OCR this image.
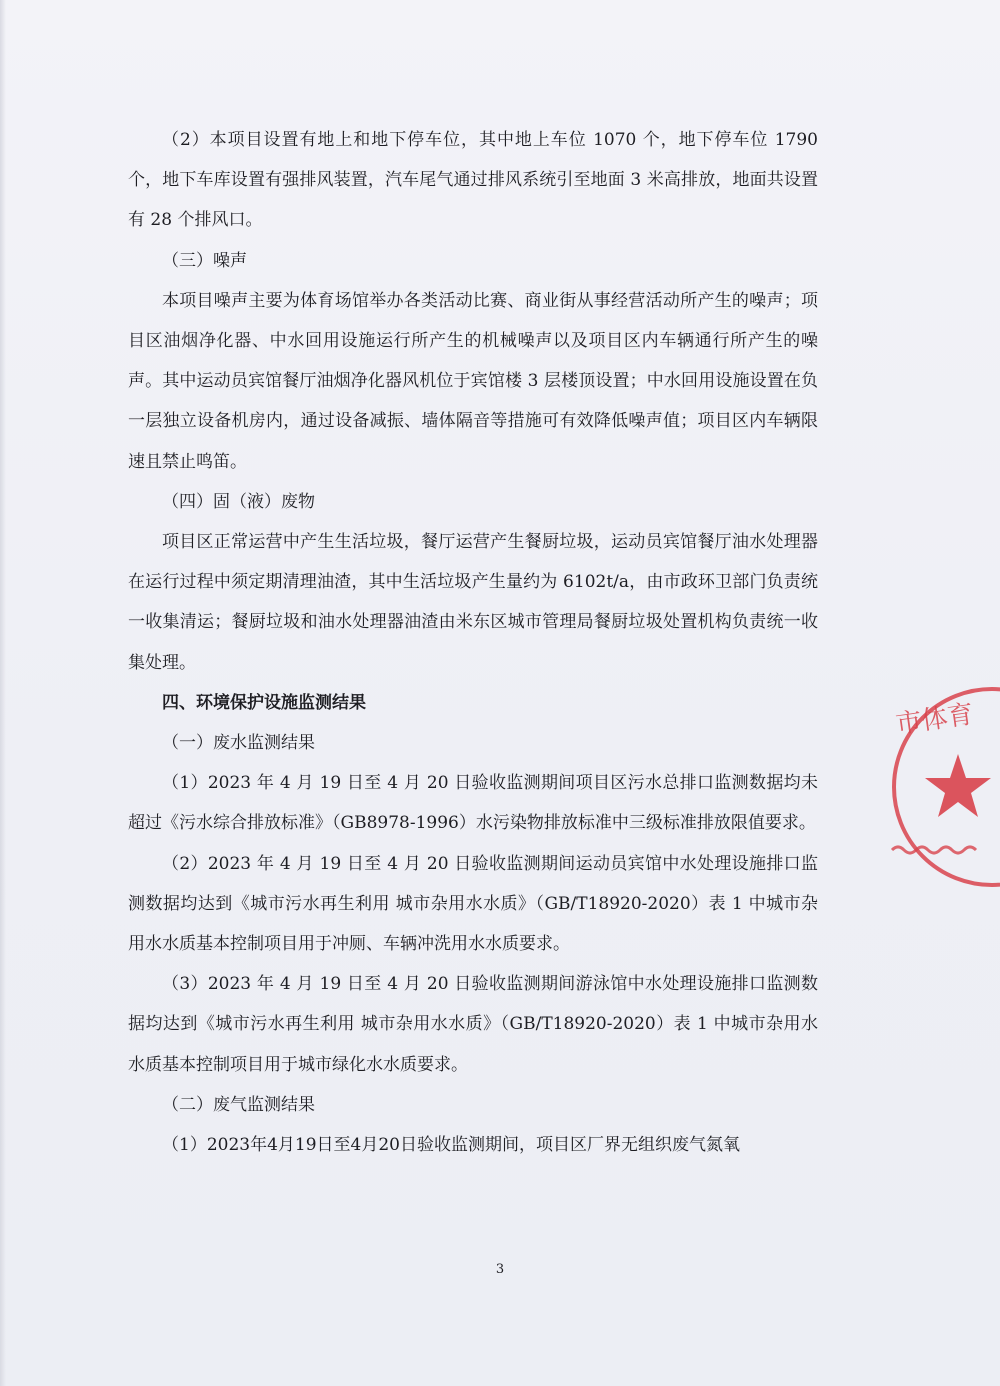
（2）本项目设置有地上和地下停车位，其中地上车位 1070 个，地下停车位 1790 个，地下车库设置有强排风装置，汽车尾气通过排风系统引至地面 3 米高排放，地面共设置有 28 个排风口。

（三）噪声

本项目噪声主要为体育场馆举办各类活动比赛、商业街从事经营活动所产生的噪声；项目区油烟净化器、中水回用设施运行所产生的机械噪声以及项目区内车辆通行所产生的噪声。其中运动员宾馆餐厅油烟净化器风机位于宾馆楼 3 层楼顶设置；中水回用设施设置在负一层独立设备机房内，通过设备减振、墙体隔音等措施可有效降低噪声值；项目区内车辆限速且禁止鸣笛。

（四）固（液）废物

项目区正常运营中产生生活垃圾，餐厅运营产生餐厨垃圾，运动员宾馆餐厅油水处理器在运行过程中须定期清理油渣，其中生活垃圾产生量约为 6102t/a，由市政环卫部门负责统一收集清运；餐厨垃圾和油水处理器油渣由米东区城市管理局餐厨垃圾处置机构负责统一收集处理。

四、环境保护设施监测结果

（一）废水监测结果

（1）2023 年 4 月 19 日至 4 月 20 日验收监测期间项目区污水总排口监测数据均未超过《污水综合排放标准》（GB8978-1996）水污染物排放标准中三级标准排放限值要求。

（2）2023 年 4 月 19 日至 4 月 20 日验收监测期间运动员宾馆中水处理设施排口监测数据均达到《城市污水再生利用 城市杂用水水质》（GB/T18920-2020）表 1 中城市杂用水水质基本控制项目用于冲厕、车辆冲洗用水水质要求。

（3）2023 年 4 月 19 日至 4 月 20 日验收监测期间游泳馆中水处理设施排口监测数据均达到《城市污水再生利用 城市杂用水水质》（GB/T18920-2020）表 1 中城市杂用水水质基本控制项目用于城市绿化水水质要求。

（二）废气监测结果

（1）2023年4月19日至4月20日验收监测期间，项目区厂界无组织废气氮氧

3
市体育
